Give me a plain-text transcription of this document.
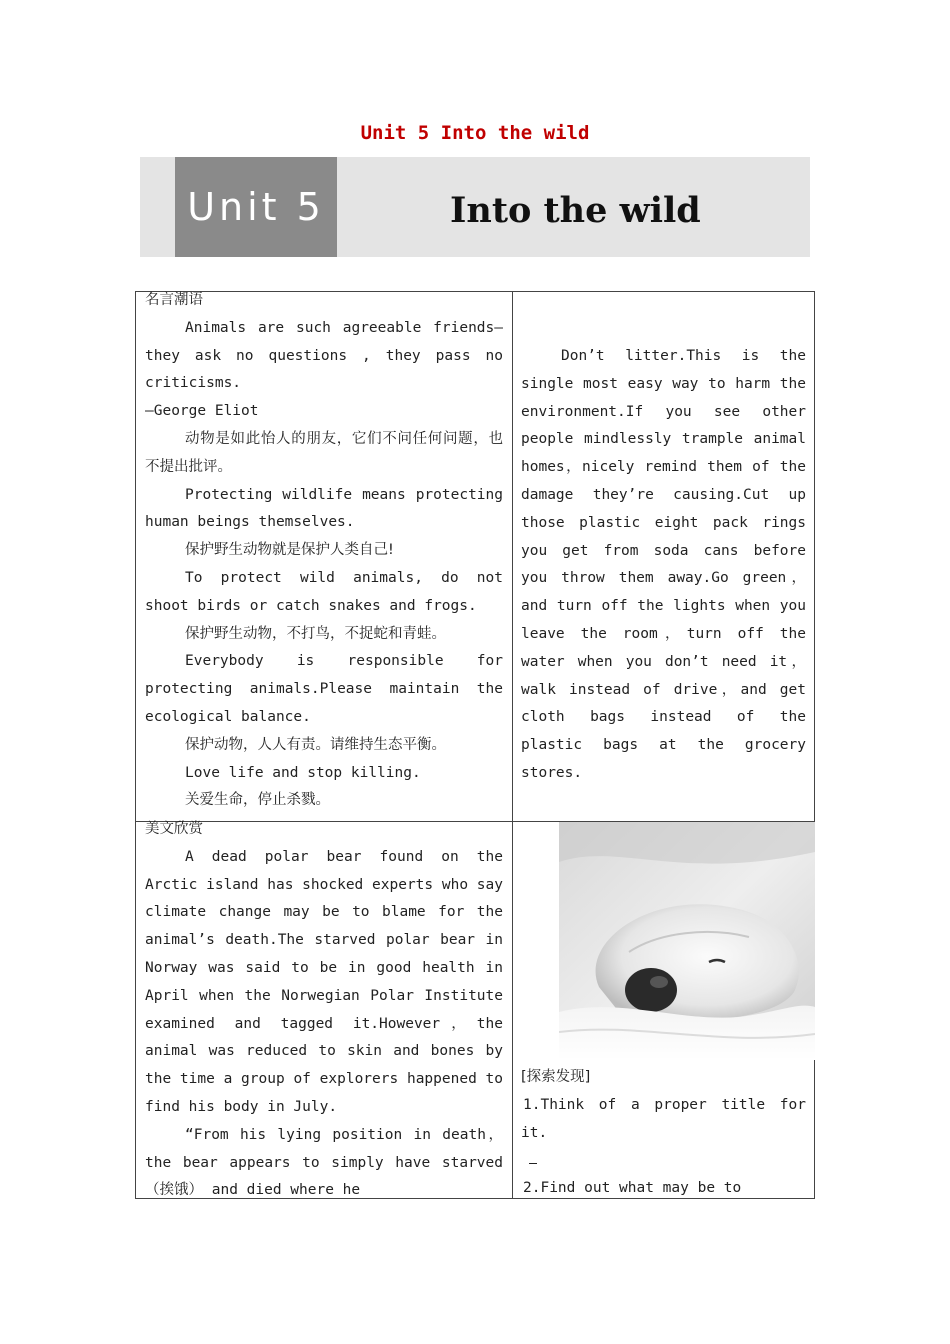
Unit 5 Into the wild
Unit 5	Into the wild
名言潮语

Animals are such agreeable friends—they ask no questions , they pass no criticisms.

—George Eliot

动物是如此怡人的朋友，它们不问任何问题，也不提出批评。

Protecting wildlife means protecting human beings themselves.

保护野生动物就是保护人类自己!

To protect wild animals, do not shoot birds or catch snakes and frogs.

保护野生动物，不打鸟，不捉蛇和青蛙。

Everybody is responsible for protecting animals.Please maintain the ecological balance.

保护动物，人人有责。请维持生态平衡。

Love life and stop killing.

关爱生命，停止杀戮。

Don’t litter.This is the single most easy way to harm the environment.If you see other people mindlessly trample animal homes，nicely remind them of the damage they’re causing.Cut up those plastic eight pack rings you get from soda cans before you throw them away.Go green，and turn off the lights when you leave the room，turn off the water when you don’t need it，walk instead of drive，and get cloth bags instead of the plastic bags at the grocery stores.

美文欣赏

A dead polar bear found on the Arctic island has shocked experts who say climate change may be to blame for the animal’s death.The starved polar bear in Norway was said to be in good health in April when the Norwegian Polar Institute examined and tagged it.However，the animal was reduced to skin and bones by the time a group of explorers happened to find his body in July.

“From his lying position in death，the bear appears to simply have starved （挨饿） and died where he

[探索发现]

1.Think of a proper title for it.

2.Find out what may be to
